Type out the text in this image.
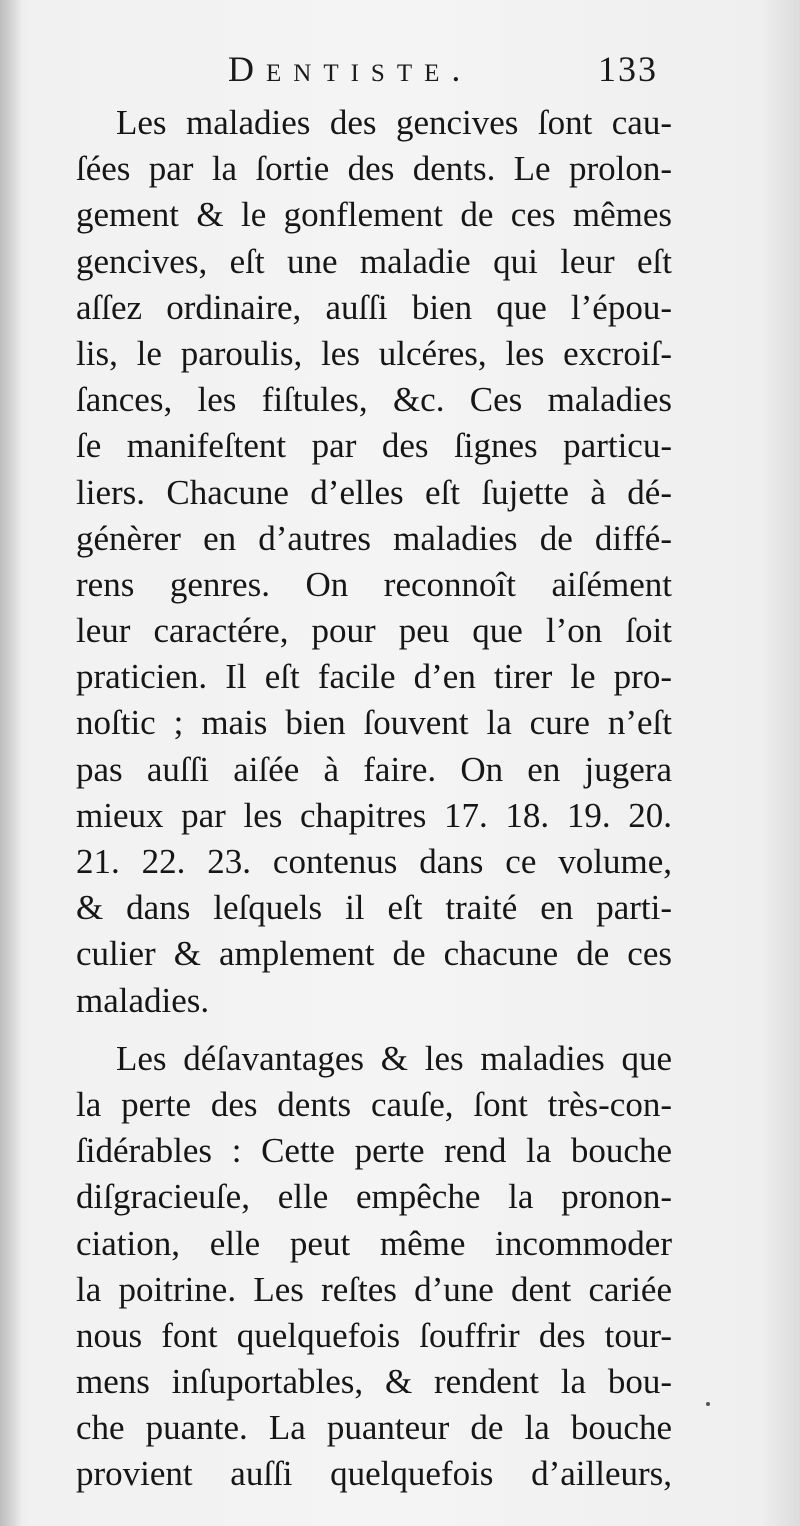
Dentiste.	133
Les maladies des gencives ſont cau-
ſées par la ſortie des dents. Le prolon-
gement & le gonflement de ces mêmes
gencives, eſt une maladie qui leur eſt
aſſez ordinaire, auſſi bien que l’épou-
lis, le paroulis, les ulcéres, les excroiſ-
ſances, les fiſtules, &c. Ces maladies
ſe manifeſtent par des ſignes particu-
liers. Chacune d’elles eſt ſujette à dé-
génèrer en d’autres maladies de diffé-
rens genres. On reconnoît aiſément
leur caractére, pour peu que l’on ſoit
praticien. Il eſt facile d’en tirer le pro-
noſtic ; mais bien ſouvent la cure n’eſt
pas auſſi aiſée à faire. On en jugera
mieux par les chapitres 17. 18. 19. 20.
21. 22. 23. contenus dans ce volume,
& dans leſquels il eſt traité en parti-
culier & amplement de chacune de ces
maladies.
Les déſavantages & les maladies que
la perte des dents cauſe, ſont très-con-
ſidérables : Cette perte rend la bouche
diſgracieuſe, elle empêche la pronon-
ciation, elle peut même incommoder
la poitrine. Les reſtes d’une dent cariée
nous font quelquefois ſouffrir des tour-
mens inſuportables, & rendent la bou-
che puante. La puanteur de la bouche
provient auſſi quelquefois d’ailleurs,
